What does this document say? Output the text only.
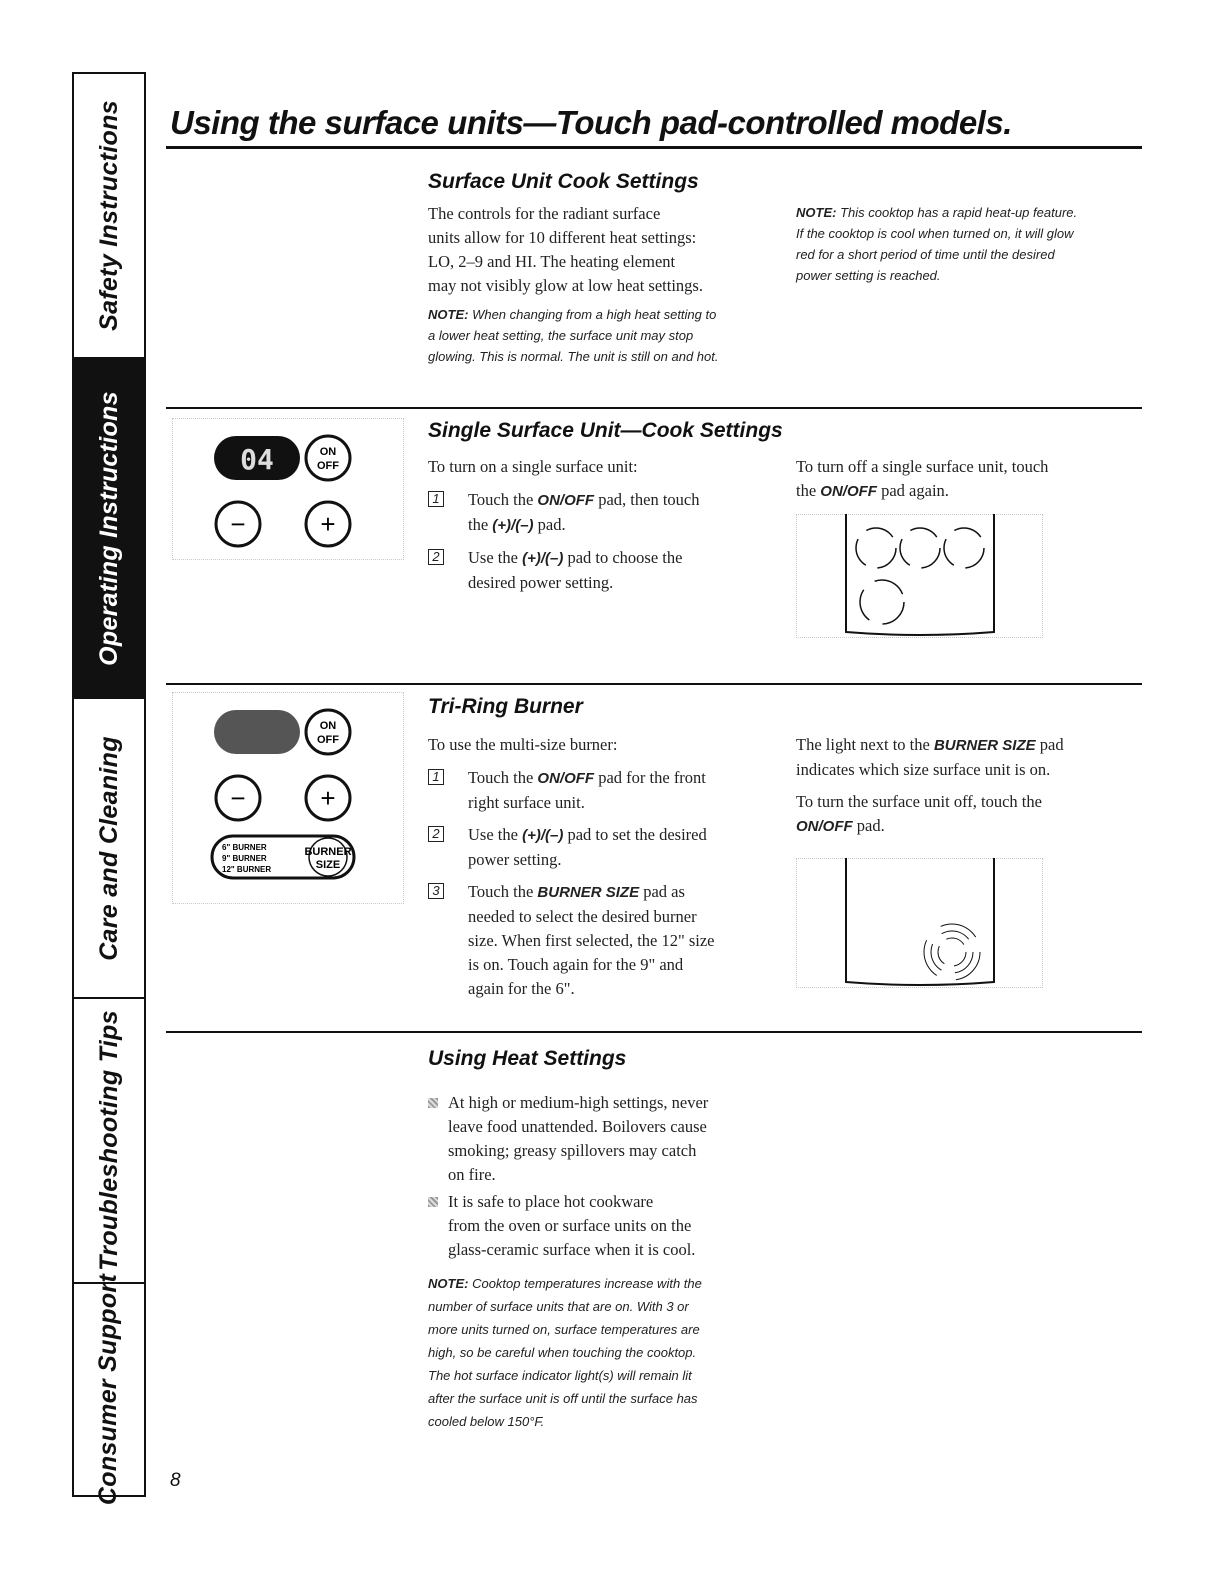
Safety Instructions
Operating Instructions
Care and Cleaning
Troubleshooting Tips
Consumer Support
Using the surface units—Touch pad-controlled models.
Surface Unit Cook Settings
The controls for the radiant surface
units allow for 10 different heat settings:
LO, 2–9 and HI. The heating element
may not visibly glow at low heat settings.
NOTE: When changing from a high heat setting to
a lower heat setting, the surface unit may stop
glowing. This is normal. The unit is still on and hot.
NOTE: This cooktop has a rapid heat-up feature.
If the cooktop is cool when turned on, it will glow
red for a short period of time until the desired
power setting is reached.
04	ON
OFF
−	+
Single Surface Unit—Cook Settings
To turn on a single surface unit:
1 Touch the ON/OFF pad, then touch
the (+)/(–) pad.
2 Use the (+)/(–) pad to choose the
desired power setting.
To turn off a single surface unit, touch
the ON/OFF pad again.
ON
OFF
−	+
6" BURNER
9" BURNER
12" BURNER
BURNER
SIZE
Tri-Ring Burner
To use the multi-size burner:
1 Touch the ON/OFF pad for the front
right surface unit.
2 Use the (+)/(–) pad to set the desired
power setting.
3 Touch the BURNER SIZE pad as
needed to select the desired burner
size. When first selected, the 12" size
is on. Touch again for the 9" and
again for the 6".
The light next to the BURNER SIZE pad
indicates which size surface unit is on.
To turn the surface unit off, touch the
ON/OFF pad.
Using Heat Settings
At high or medium-high settings, never
leave food unattended. Boilovers cause
smoking; greasy spillovers may catch
on fire.
It is safe to place hot cookware
from the oven or surface units on the
glass-ceramic surface when it is cool.
NOTE: Cooktop temperatures increase with the
number of surface units that are on. With 3 or
more units turned on, surface temperatures are
high, so be careful when touching the cooktop.
The hot surface indicator light(s) will remain lit
after the surface unit is off until the surface has
cooled below 150°F.
8
